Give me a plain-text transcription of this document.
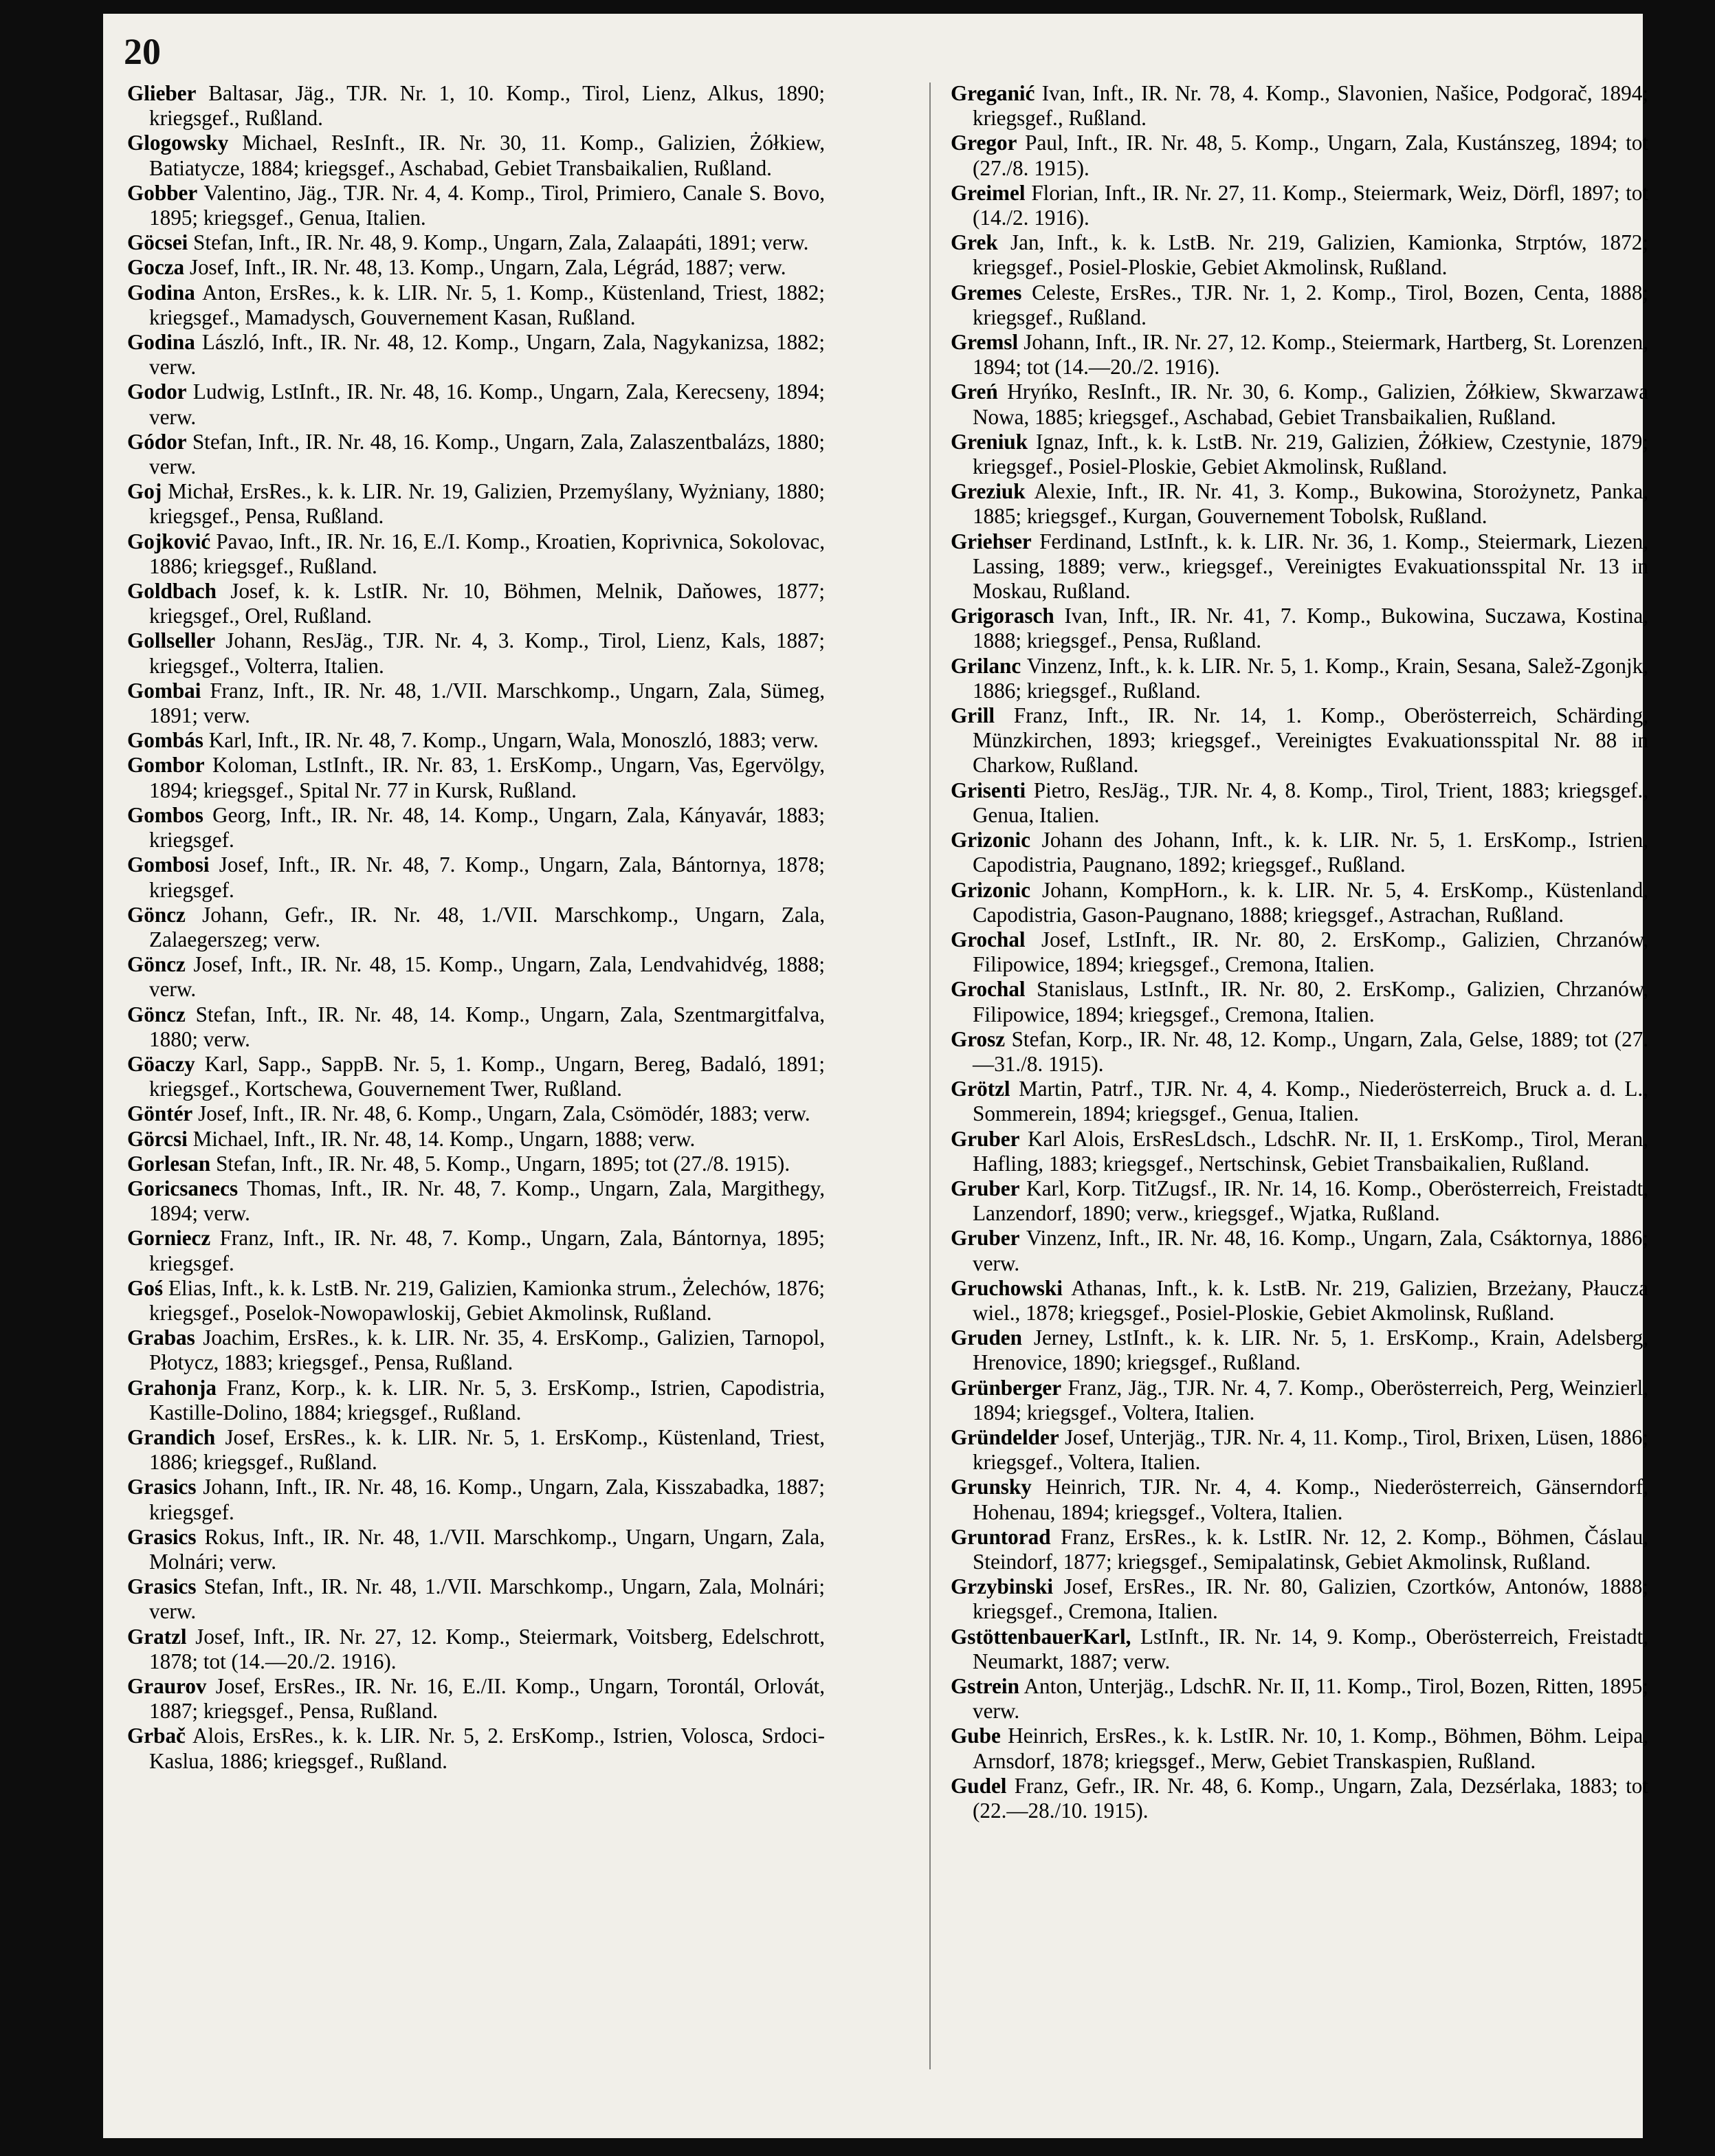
20

Glieber Baltasar, Jäg., TJR. Nr. 1, 10. Komp., Tirol, Lienz, Alkus, 1890; kriegsgef., Rußland.

Glogowsky Michael, ResInft., IR. Nr. 30, 11. Komp., Galizien, Żółkiew, Batiatycze, 1884; kriegsgef., Aschabad, Gebiet Transbaikalien, Rußland.

Gobber Valentino, Jäg., TJR. Nr. 4, 4. Komp., Tirol, Primiero, Canale S. Bovo, 1895; kriegsgef., Genua, Italien.

Göcsei Stefan, Inft., IR. Nr. 48, 9. Komp., Ungarn, Zala, Zalaapáti, 1891; verw.

Gocza Josef, Inft., IR. Nr. 48, 13. Komp., Ungarn, Zala, Légrád, 1887; verw.

Godina Anton, ErsRes., k. k. LIR. Nr. 5, 1. Komp., Küstenland, Triest, 1882; kriegsgef., Mamadysch, Gouvernement Kasan, Rußland.

Godina László, Inft., IR. Nr. 48, 12. Komp., Ungarn, Zala, Nagykanizsa, 1882; verw.

Godor Ludwig, LstInft., IR. Nr. 48, 16. Komp., Ungarn, Zala, Kerecseny, 1894; verw.

Gódor Stefan, Inft., IR. Nr. 48, 16. Komp., Ungarn, Zala, Zalaszentbalázs, 1880; verw.

Goj Michał, ErsRes., k. k. LIR. Nr. 19, Galizien, Przemyślany, Wyżniany, 1880; kriegsgef., Pensa, Rußland.

Gojković Pavao, Inft., IR. Nr. 16, E./I. Komp., Kroatien, Koprivnica, Sokolovac, 1886; kriegsgef., Rußland.

Goldbach Josef, k. k. LstIR. Nr. 10, Böhmen, Melnik, Daňowes, 1877; kriegsgef., Orel, Rußland.

Gollseller Johann, ResJäg., TJR. Nr. 4, 3. Komp., Tirol, Lienz, Kals, 1887; kriegsgef., Volterra, Italien.

Gombai Franz, Inft., IR. Nr. 48, 1./VII. Marschkomp., Ungarn, Zala, Sümeg, 1891; verw.

Gombás Karl, Inft., IR. Nr. 48, 7. Komp., Ungarn, Wala, Monoszló, 1883; verw.

Gombor Koloman, LstInft., IR. Nr. 83, 1. ErsKomp., Ungarn, Vas, Egervölgy, 1894; kriegsgef., Spital Nr. 77 in Kursk, Rußland.

Gombos Georg, Inft., IR. Nr. 48, 14. Komp., Ungarn, Zala, Kányavár, 1883; kriegsgef.

Gombosi Josef, Inft., IR. Nr. 48, 7. Komp., Ungarn, Zala, Bántornya, 1878; kriegsgef.

Göncz Johann, Gefr., IR. Nr. 48, 1./VII. Marschkomp., Ungarn, Zala, Zalaegerszeg; verw.

Göncz Josef, Inft., IR. Nr. 48, 15. Komp., Ungarn, Zala, Lendvahidvég, 1888; verw.

Göncz Stefan, Inft., IR. Nr. 48, 14. Komp., Ungarn, Zala, Szentmargitfalva, 1880; verw.

Göaczy Karl, Sapp., SappB. Nr. 5, 1. Komp., Ungarn, Bereg, Badaló, 1891; kriegsgef., Kortschewa, Gouvernement Twer, Rußland.

Göntér Josef, Inft., IR. Nr. 48, 6. Komp., Ungarn, Zala, Csömödér, 1883; verw.

Görcsi Michael, Inft., IR. Nr. 48, 14. Komp., Ungarn, 1888; verw.

Gorlesan Stefan, Inft., IR. Nr. 48, 5. Komp., Ungarn, 1895; tot (27./8. 1915).

Goricsanecs Thomas, Inft., IR. Nr. 48, 7. Komp., Ungarn, Zala, Margithegy, 1894; verw.

Gorniecz Franz, Inft., IR. Nr. 48, 7. Komp., Ungarn, Zala, Bántornya, 1895; kriegsgef.

Goś Elias, Inft., k. k. LstB. Nr. 219, Galizien, Kamionka strum., Żelechów, 1876; kriegsgef., Poselok-Nowopawloskij, Gebiet Akmolinsk, Rußland.

Grabas Joachim, ErsRes., k. k. LIR. Nr. 35, 4. ErsKomp., Galizien, Tarnopol, Płotycz, 1883; kriegsgef., Pensa, Rußland.

Grahonja Franz, Korp., k. k. LIR. Nr. 5, 3. ErsKomp., Istrien, Capodistria, Kastille-Dolino, 1884; kriegsgef., Rußland.

Grandich Josef, ErsRes., k. k. LIR. Nr. 5, 1. ErsKomp., Küstenland, Triest, 1886; kriegsgef., Rußland.

Grasics Johann, Inft., IR. Nr. 48, 16. Komp., Ungarn, Zala, Kisszabadka, 1887; kriegsgef.

Grasics Rokus, Inft., IR. Nr. 48, 1./VII. Marschkomp., Ungarn, Ungarn, Zala, Molnári; verw.

Grasics Stefan, Inft., IR. Nr. 48, 1./VII. Marschkomp., Ungarn, Zala, Molnári; verw.

Gratzl Josef, Inft., IR. Nr. 27, 12. Komp., Steiermark, Voitsberg, Edelschrott, 1878; tot (14.—20./2. 1916).

Graurov Josef, ErsRes., IR. Nr. 16, E./II. Komp., Ungarn, Torontál, Orlovát, 1887; kriegsgef., Pensa, Rußland.

Grbač Alois, ErsRes., k. k. LIR. Nr. 5, 2. ErsKomp., Istrien, Volosca, Srdoci-Kaslua, 1886; kriegsgef., Rußland.

Greganić Ivan, Inft., IR. Nr. 78, 4. Komp., Slavonien, Našice, Podgorač, 1894; kriegsgef., Rußland.

Gregor Paul, Inft., IR. Nr. 48, 5. Komp., Ungarn, Zala, Kustánszeg, 1894; tot (27./8. 1915).

Greimel Florian, Inft., IR. Nr. 27, 11. Komp., Steiermark, Weiz, Dörfl, 1897; tot (14./2. 1916).

Grek Jan, Inft., k. k. LstB. Nr. 219, Galizien, Kamionka, Strptów, 1872; kriegsgef., Posiel-Ploskie, Gebiet Akmolinsk, Rußland.

Gremes Celeste, ErsRes., TJR. Nr. 1, 2. Komp., Tirol, Bozen, Centa, 1888; kriegsgef., Rußland.

Gremsl Johann, Inft., IR. Nr. 27, 12. Komp., Steiermark, Hartberg, St. Lorenzen, 1894; tot (14.—20./2. 1916).

Greń Hryńko, ResInft., IR. Nr. 30, 6. Komp., Galizien, Żółkiew, Skwarzawa Nowa, 1885; kriegsgef., Aschabad, Gebiet Transbaikalien, Rußland.

Greniuk Ignaz, Inft., k. k. LstB. Nr. 219, Galizien, Żółkiew, Czestynie, 1879; kriegsgef., Posiel-Ploskie, Gebiet Akmolinsk, Rußland.

Greziuk Alexie, Inft., IR. Nr. 41, 3. Komp., Bukowina, Storożynetz, Panka, 1885; kriegsgef., Kurgan, Gouvernement Tobolsk, Rußland.

Griehser Ferdinand, LstInft., k. k. LIR. Nr. 36, 1. Komp., Steiermark, Liezen, Lassing, 1889; verw., kriegsgef., Vereinigtes Evakuationsspital Nr. 13 in Moskau, Rußland.

Grigorasch Ivan, Inft., IR. Nr. 41, 7. Komp., Bukowina, Suczawa, Kostina, 1888; kriegsgef., Pensa, Rußland.

Grilanc Vinzenz, Inft., k. k. LIR. Nr. 5, 1. Komp., Krain, Sesana, Salež-Zgonjk, 1886; kriegsgef., Rußland.

Grill Franz, Inft., IR. Nr. 14, 1. Komp., Oberösterreich, Schärding, Münzkirchen, 1893; kriegsgef., Vereinigtes Evakuationsspital Nr. 88 in Charkow, Rußland.

Grisenti Pietro, ResJäg., TJR. Nr. 4, 8. Komp., Tirol, Trient, 1883; kriegsgef., Genua, Italien.

Grizonic Johann des Johann, Inft., k. k. LIR. Nr. 5, 1. ErsKomp., Istrien, Capodistria, Paugnano, 1892; kriegsgef., Rußland.

Grizonic Johann, KompHorn., k. k. LIR. Nr. 5, 4. ErsKomp., Küstenland, Capodistria, Gason-Paugnano, 1888; kriegsgef., Astrachan, Rußland.

Grochal Josef, LstInft., IR. Nr. 80, 2. ErsKomp., Galizien, Chrzanów, Filipowice, 1894; kriegsgef., Cremona, Italien.

Grochal Stanislaus, LstInft., IR. Nr. 80, 2. ErsKomp., Galizien, Chrzanów, Filipowice, 1894; kriegsgef., Cremona, Italien.

Grosz Stefan, Korp., IR. Nr. 48, 12. Komp., Ungarn, Zala, Gelse, 1889; tot (27.—31./8. 1915).

Grötzl Martin, Patrf., TJR. Nr. 4, 4. Komp., Niederösterreich, Bruck a. d. L., Sommerein, 1894; kriegsgef., Genua, Italien.

Gruber Karl Alois, ErsResLdsch., LdschR. Nr. II, 1. ErsKomp., Tirol, Meran, Hafling, 1883; kriegsgef., Nertschinsk, Gebiet Transbaikalien, Rußland.

Gruber Karl, Korp. TitZugsf., IR. Nr. 14, 16. Komp., Oberösterreich, Freistadt, Lanzendorf, 1890; verw., kriegsgef., Wjatka, Rußland.

Gruber Vinzenz, Inft., IR. Nr. 48, 16. Komp., Ungarn, Zala, Csáktornya, 1886; verw.

Gruchowski Athanas, Inft., k. k. LstB. Nr. 219, Galizien, Brzeżany, Płaucza wiel., 1878; kriegsgef., Posiel-Ploskie, Gebiet Akmolinsk, Rußland.

Gruden Jerney, LstInft., k. k. LIR. Nr. 5, 1. ErsKomp., Krain, Adelsberg, Hrenovice, 1890; kriegsgef., Rußland.

Grünberger Franz, Jäg., TJR. Nr. 4, 7. Komp., Oberösterreich, Perg, Weinzierl, 1894; kriegsgef., Voltera, Italien.

Gründelder Josef, Unterjäg., TJR. Nr. 4, 11. Komp., Tirol, Brixen, Lüsen, 1886; kriegsgef., Voltera, Italien.

Grunsky Heinrich, TJR. Nr. 4, 4. Komp., Niederösterreich, Gänserndorf, Hohenau, 1894; kriegsgef., Voltera, Italien.

Gruntorad Franz, ErsRes., k. k. LstIR. Nr. 12, 2. Komp., Böhmen, Čáslau, Steindorf, 1877; kriegsgef., Semipalatinsk, Gebiet Akmolinsk, Rußland.

Grzybinski Josef, ErsRes., IR. Nr. 80, Galizien, Czortków, Antonów, 1888; kriegsgef., Cremona, Italien.

GstöttenbauerKarl, LstInft., IR. Nr. 14, 9. Komp., Oberösterreich, Freistadt, Neumarkt, 1887; verw.

Gstrein Anton, Unterjäg., LdschR. Nr. II, 11. Komp., Tirol, Bozen, Ritten, 1895; verw.

Gube Heinrich, ErsRes., k. k. LstIR. Nr. 10, 1. Komp., Böhmen, Böhm. Leipa, Arnsdorf, 1878; kriegsgef., Merw, Gebiet Transkaspien, Rußland.

Gudel Franz, Gefr., IR. Nr. 48, 6. Komp., Ungarn, Zala, Dezsérlaka, 1883; tot (22.—28./10. 1915).
